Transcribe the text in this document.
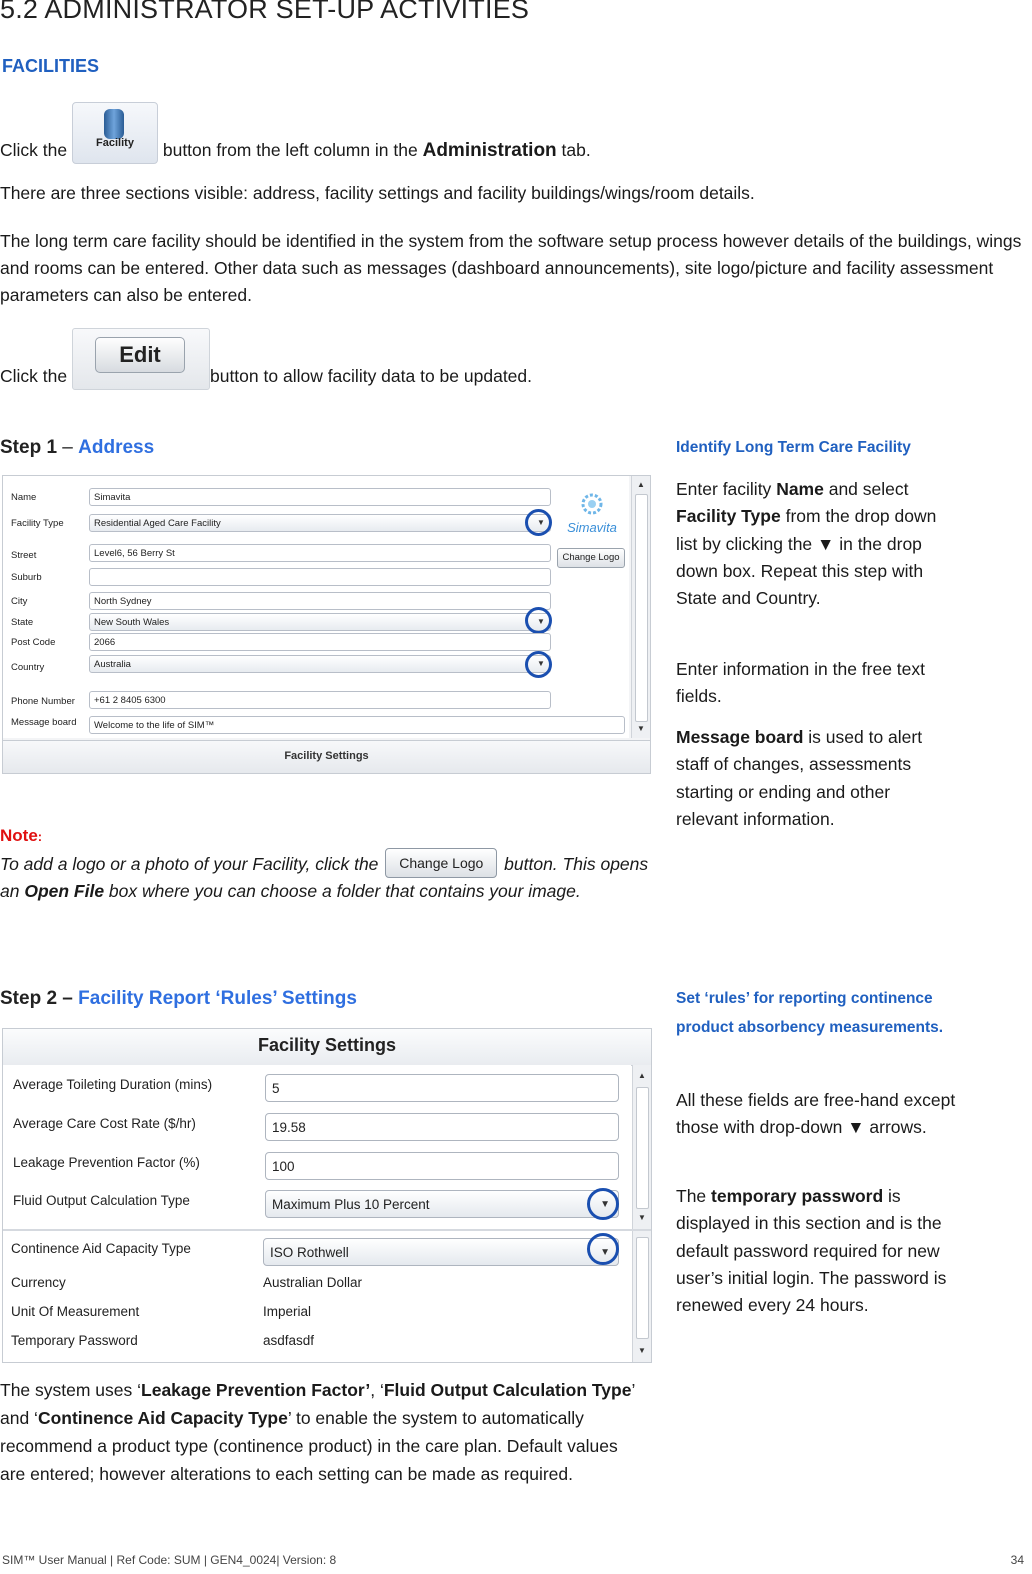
5.2 ADMINISTRATOR SET-UP ACTIVITIES
FACILITIES
Click the	Facility	button from the left column in the Administration tab.
There are three sections visible: address, facility settings and facility buildings/wings/room details.
The long term care facility should be identified in the system from the software setup process however details of the buildings, wings and rooms can be entered. Other data such as messages (dashboard announcements), site logo/picture and facility assessment parameters can also be entered.
Click the
Edit
button to allow facility data to be updated.
Step 1 – Address
Name	Simavita
Facility Type	Residential Aged Care Facility	▼
Street	Level6, 56 Berry St
Suburb
City	North Sydney
State	New South Wales	▼
Post Code	2066
Country	Australia	▼
Phone Number	+61 2 8405 6300
Message board	Welcome to the life of SIM™
Simavita
Change Logo
▲
▼
Facility Settings
Identify Long Term Care Facility
Enter facility Name and select Facility Type from the drop down list by clicking the ▼ in the drop down box. Repeat this step with State and Country.
Enter information in the free text fields.
Message board is used to alert staff of changes, assessments starting or ending and other relevant information.
Note:
To add a logo or a photo of your Facility, click the Change Logo button. This opens an Open File box where you can choose a folder that contains your image.
Step 2 – Facility Report ‘Rules’ Settings
Facility Settings
Average Toileting Duration (mins)	5
Average Care Cost Rate ($/hr)	19.58
Leakage Prevention Factor (%)	100
Fluid Output Calculation Type	Maximum Plus 10 Percent	▼
▲
▼
Continence Aid Capacity Type	ISO Rothwell	▼
Currency	Australian Dollar
Unit Of Measurement	Imperial
Temporary Password	asdfasdf
▼
Set ‘rules’ for reporting continence product absorbency measurements.
All these fields are free-hand except those with drop-down ▼ arrows.
The temporary password is displayed in this section and is the default password required for new user’s initial login. The password is renewed every 24 hours.
The system uses ‘Leakage Prevention Factor’, ‘Fluid Output Calculation Type’ and ‘Continence Aid Capacity Type’ to enable the system to automatically recommend a product type (continence product) in the care plan. Default values are entered; however alterations to each setting can be made as required.
SIM™ User Manual | Ref Code: SUM | GEN4_0024| Version: 8	34
